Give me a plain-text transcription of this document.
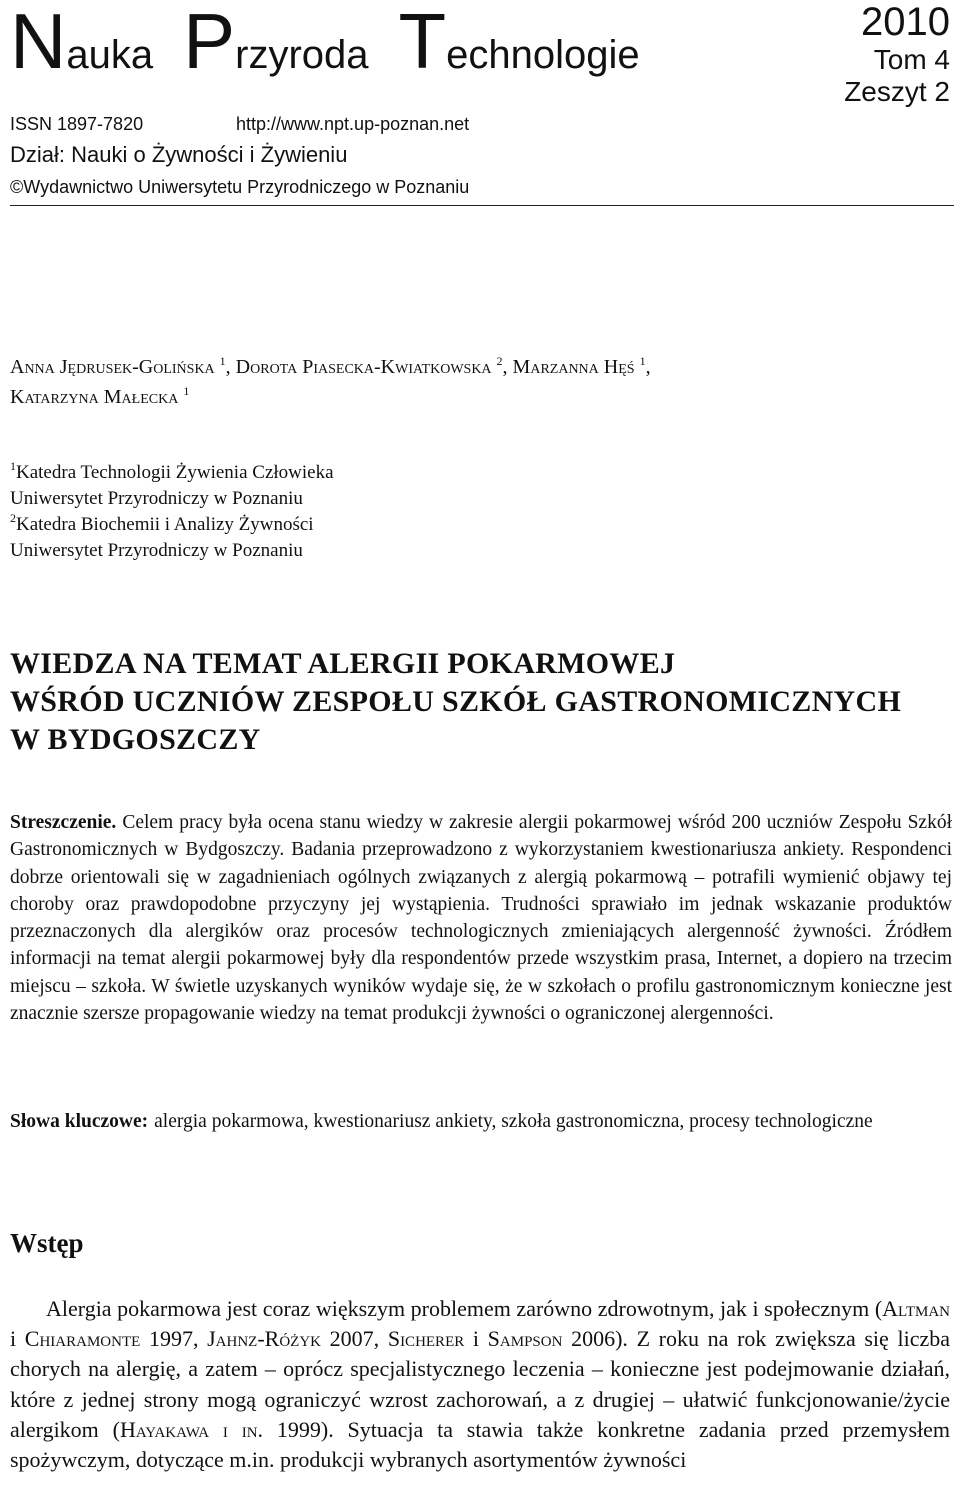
Nauka Przyroda Technologie
2010
Tom 4
Zeszyt 2
ISSN 1897-7820	http://www.npt.up-poznan.net
Dział: Nauki o Żywności i Żywieniu
©Wydawnictwo Uniwersytetu Przyrodniczego w Poznaniu
Anna Jędrusek-Golińska $^1$, Dorota Piasecka-Kwiatkowska $^2$, Marzanna Hęś $^1$,
Katarzyna Małecka $^1$
$^1$Katedra Technologii Żywienia Człowieka
Uniwersytet Przyrodniczy w Poznaniu
$^2$Katedra Biochemii i Analizy Żywności
Uniwersytet Przyrodniczy w Poznaniu
WIEDZA NA TEMAT ALERGII POKARMOWEJ
WŚRÓD UCZNIÓW ZESPOŁU SZKÓŁ GASTRONOMICZNYCH
W BYDGOSZCZY
Streszczenie. Celem pracy była ocena stanu wiedzy w zakresie alergii pokarmowej wśród 200 uczniów Zespołu Szkół Gastronomicznych w Bydgoszczy. Badania przeprowadzono z wykorzystaniem kwestionariusza ankiety. Respondenci dobrze orientowali się w zagadnieniach ogólnych związanych z alergią pokarmową – potrafili wymienić objawy tej choroby oraz prawdopodobne przyczyny jej wystąpienia. Trudności sprawiało im jednak wskazanie produktów przeznaczonych dla alergików oraz procesów technologicznych zmieniających alergenność żywności. Źródłem informacji na temat alergii pokarmowej były dla respondentów przede wszystkim prasa, Internet, a dopiero na trzecim miejscu – szkoła. W świetle uzyskanych wyników wydaje się, że w szkołach o profilu gastronomicznym konieczne jest znacznie szersze propagowanie wiedzy na temat produkcji żywności o ograniczonej alergenności.
Słowa kluczowe: alergia pokarmowa, kwestionariusz ankiety, szkoła gastronomiczna, procesy technologiczne
Wstęp
Alergia pokarmowa jest coraz większym problemem zarówno zdrowotnym, jak i społecznym (Altman i Chiaramonte 1997, Jahnz-Różyk 2007, Sicherer i Sampson 2006). Z roku na rok zwiększa się liczba chorych na alergię, a zatem – oprócz specjalistycznego leczenia – konieczne jest podejmowanie działań, które z jednej strony mogą ograniczyć wzrost zachorowań, a z drugiej – ułatwić funkcjonowanie/życie alergikom (Hayakawa i in. 1999). Sytuacja ta stawia także konkretne zadania przed przemysłem spożywczym, dotyczące m.in. produkcji wybranych asortymentów żywności
